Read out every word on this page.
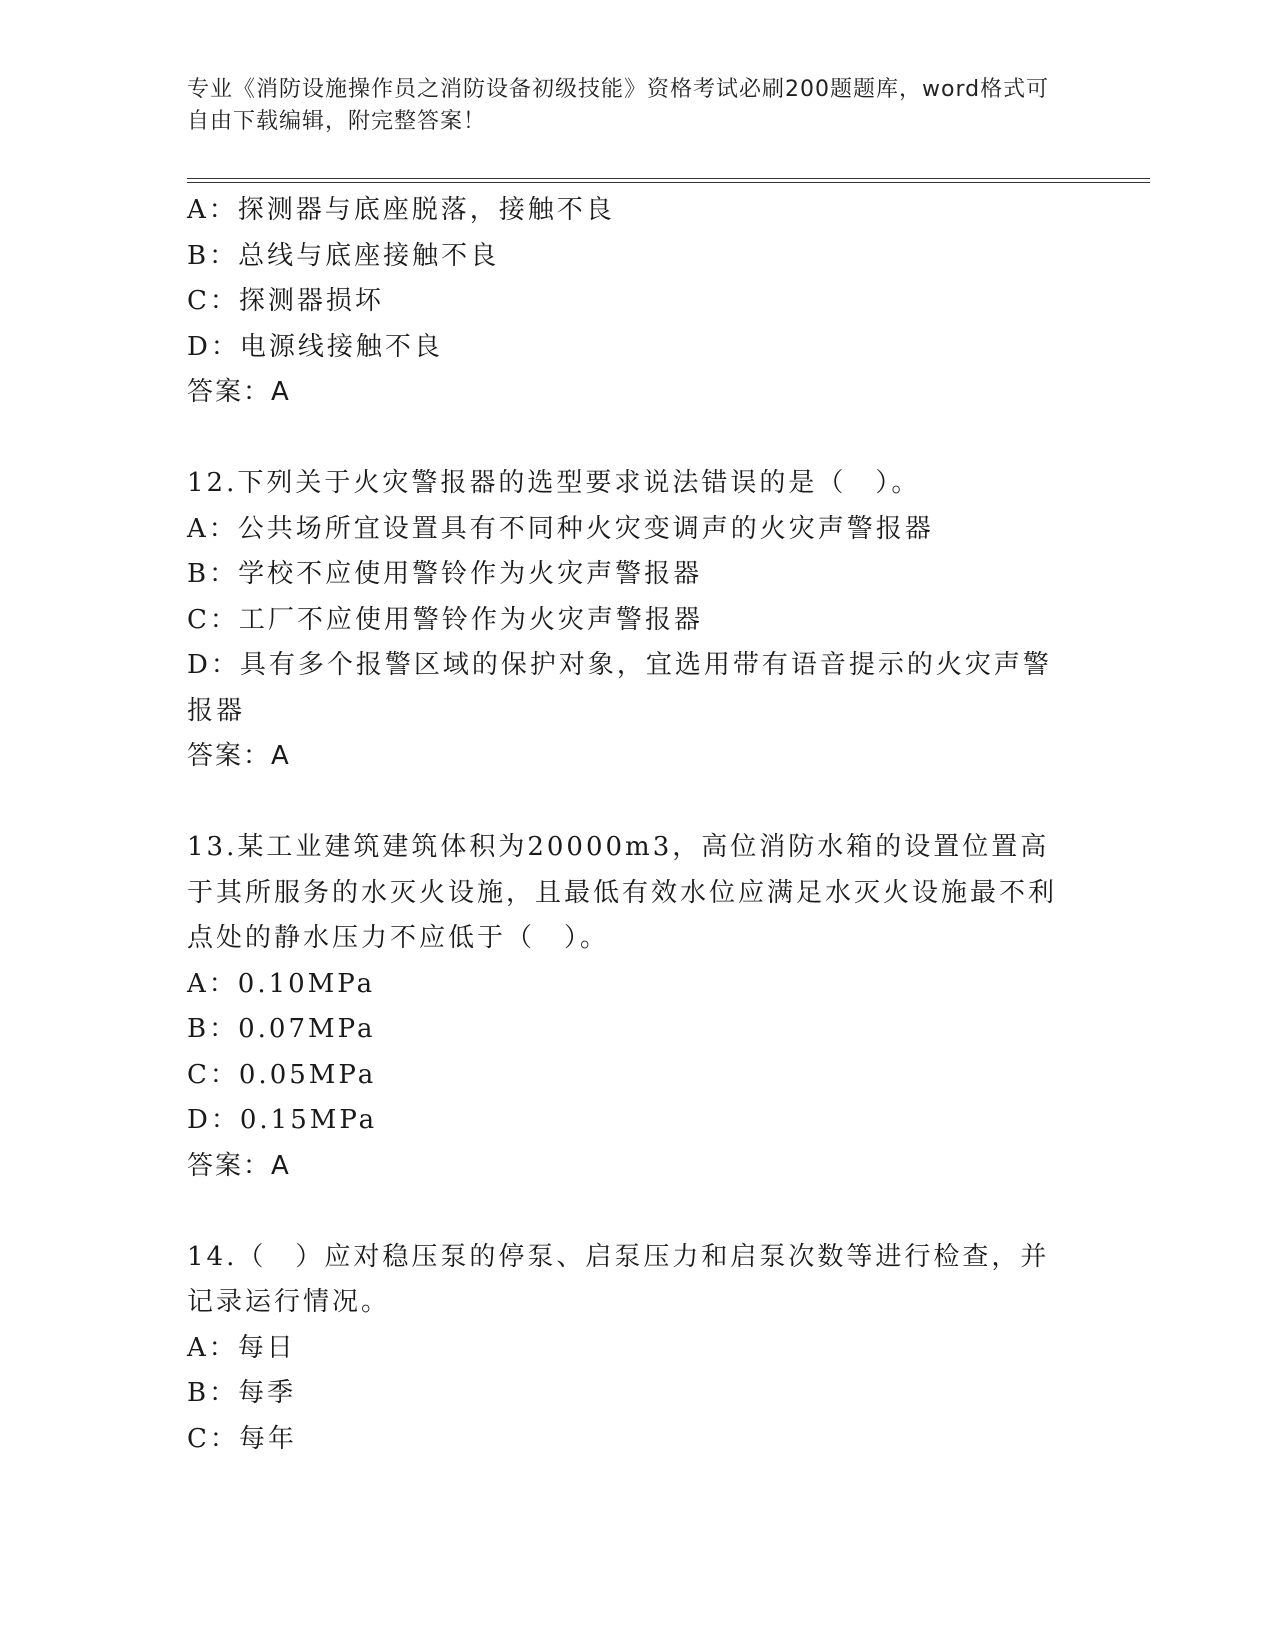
专业《消防设施操作员之消防设备初级技能》资格考试必刷200题题库，word格式可自由下载编辑，附完整答案！
A：探测器与底座脱落，接触不良
B：总线与底座接触不良
C：探测器损坏
D：电源线接触不良
答案：A
12.下列关于火灾警报器的选型要求说法错误的是（　）。
A：公共场所宜设置具有不同种火灾变调声的火灾声警报器
B：学校不应使用警铃作为火灾声警报器
C：工厂不应使用警铃作为火灾声警报器
D：具有多个报警区域的保护对象，宜选用带有语音提示的火灾声警报器
答案：A
13.某工业建筑建筑体积为20000m3，高位消防水箱的设置位置高于其所服务的水灭火设施，且最低有效水位应满足水灭火设施最不利点处的静水压力不应低于（　）。
A：0.10MPa
B：0.07MPa
C：0.05MPa
D：0.15MPa
答案：A
14.（　）应对稳压泵的停泵、启泵压力和启泵次数等进行检查，并记录运行情况。
A：每日
B：每季
C：每年
